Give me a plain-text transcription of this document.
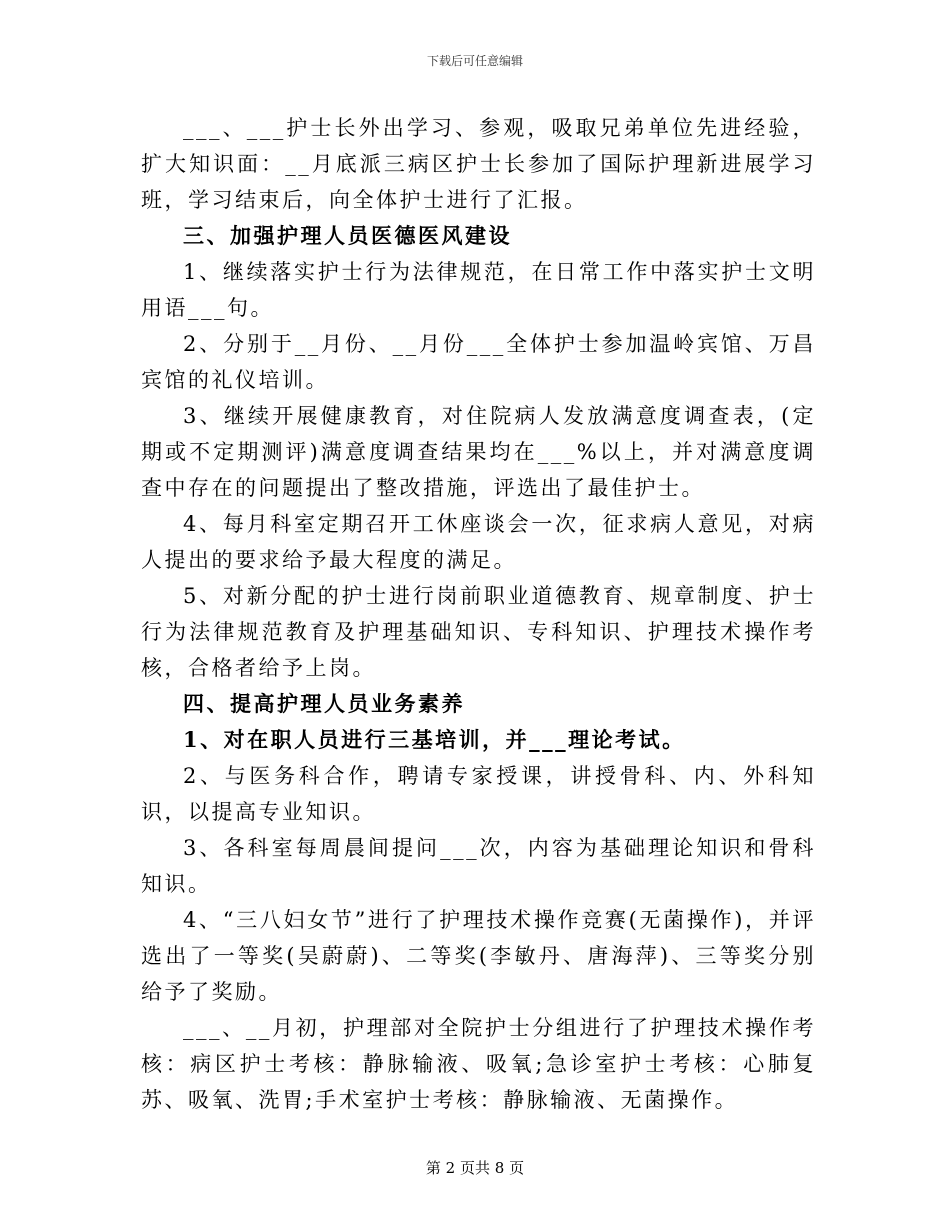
下载后可任意编辑

___、___护士长外出学习、参观，吸取兄弟单位先进经验，扩大知识面：__月底派三病区护士长参加了国际护理新进展学习班，学习结束后，向全体护士进行了汇报。

三、加强护理人员医德医风建设

1、继续落实护士行为法律规范，在日常工作中落实护士文明用语___句。

2、分别于__月份、__月份___全体护士参加温岭宾馆、万昌宾馆的礼仪培训。

3、继续开展健康教育，对住院病人发放满意度调查表，(定期或不定期测评)满意度调查结果均在___%以上，并对满意度调查中存在的问题提出了整改措施，评选出了最佳护士。

4、每月科室定期召开工休座谈会一次，征求病人意见，对病人提出的要求给予最大程度的满足。

5、对新分配的护士进行岗前职业道德教育、规章制度、护士行为法律规范教育及护理基础知识、专科知识、护理技术操作考核，合格者给予上岗。

四、提高护理人员业务素养

1、对在职人员进行三基培训，并___理论考试。

2、与医务科合作，聘请专家授课，讲授骨科、内、外科知识，以提高专业知识。

3、各科室每周晨间提问___次，内容为基础理论知识和骨科知识。

4、“三八妇女节”进行了护理技术操作竞赛(无菌操作)，并评选出了一等奖(吴蔚蔚)、二等奖(李敏丹、唐海萍)、三等奖分别给予了奖励。

___、__月初，护理部对全院护士分组进行了护理技术操作考核：病区护士考核：静脉输液、吸氧;急诊室护士考核：心肺复苏、吸氧、洗胃;手术室护士考核：静脉输液、无菌操作。

第 2 页共 8 页
